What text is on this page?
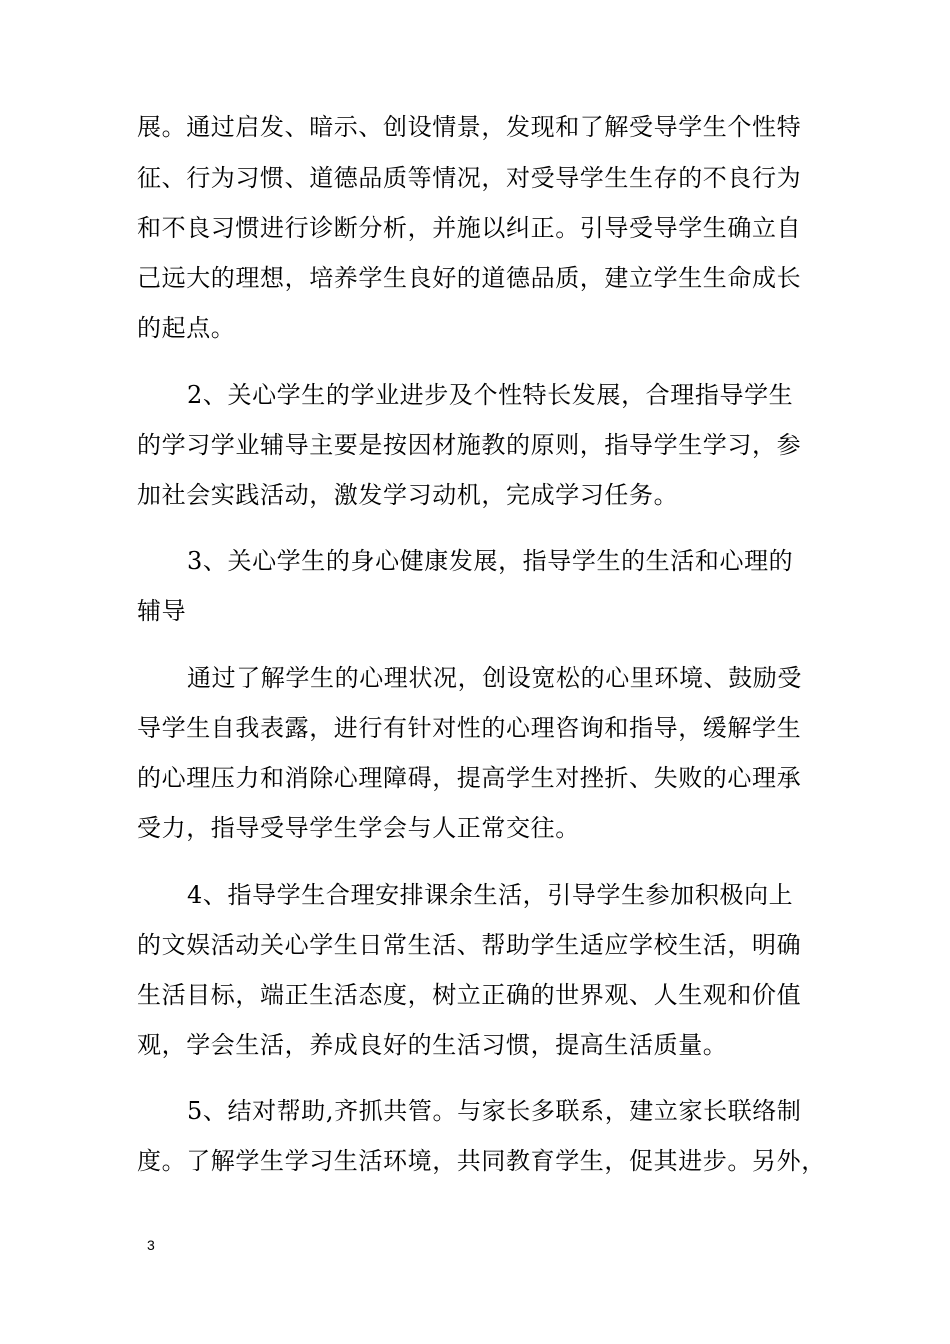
展。通过启发、暗示、创设情景，发现和了解受导学生个性特
征、行为习惯、道德品质等情况，对受导学生生存的不良行为
和不良习惯进行诊断分析，并施以纠正。引导受导学生确立自
己远大的理想，培养学生良好的道德品质，建立学生生命成长
的起点。
2、关心学生的学业进步及个性特长发展，合理指导学生
的学习学业辅导主要是按因材施教的原则，指导学生学习，参
加社会实践活动，激发学习动机，完成学习任务。
3、关心学生的身心健康发展，指导学生的生活和心理的
辅导
通过了解学生的心理状况，创设宽松的心里环境、鼓励受
导学生自我表露，进行有针对性的心理咨询和指导，缓解学生
的心理压力和消除心理障碍，提高学生对挫折、失败的心理承
受力，指导受导学生学会与人正常交往。
4、指导学生合理安排课余生活，引导学生参加积极向上
的文娱活动关心学生日常生活、帮助学生适应学校生活，明确
生活目标，端正生活态度，树立正确的世界观、人生观和价值
观，学会生活，养成良好的生活习惯，提高生活质量。
5、结对帮助,齐抓共管。与家长多联系，建立家长联络制
度。了解学生学习生活环境，共同教育学生，促其进步。另外，
3
